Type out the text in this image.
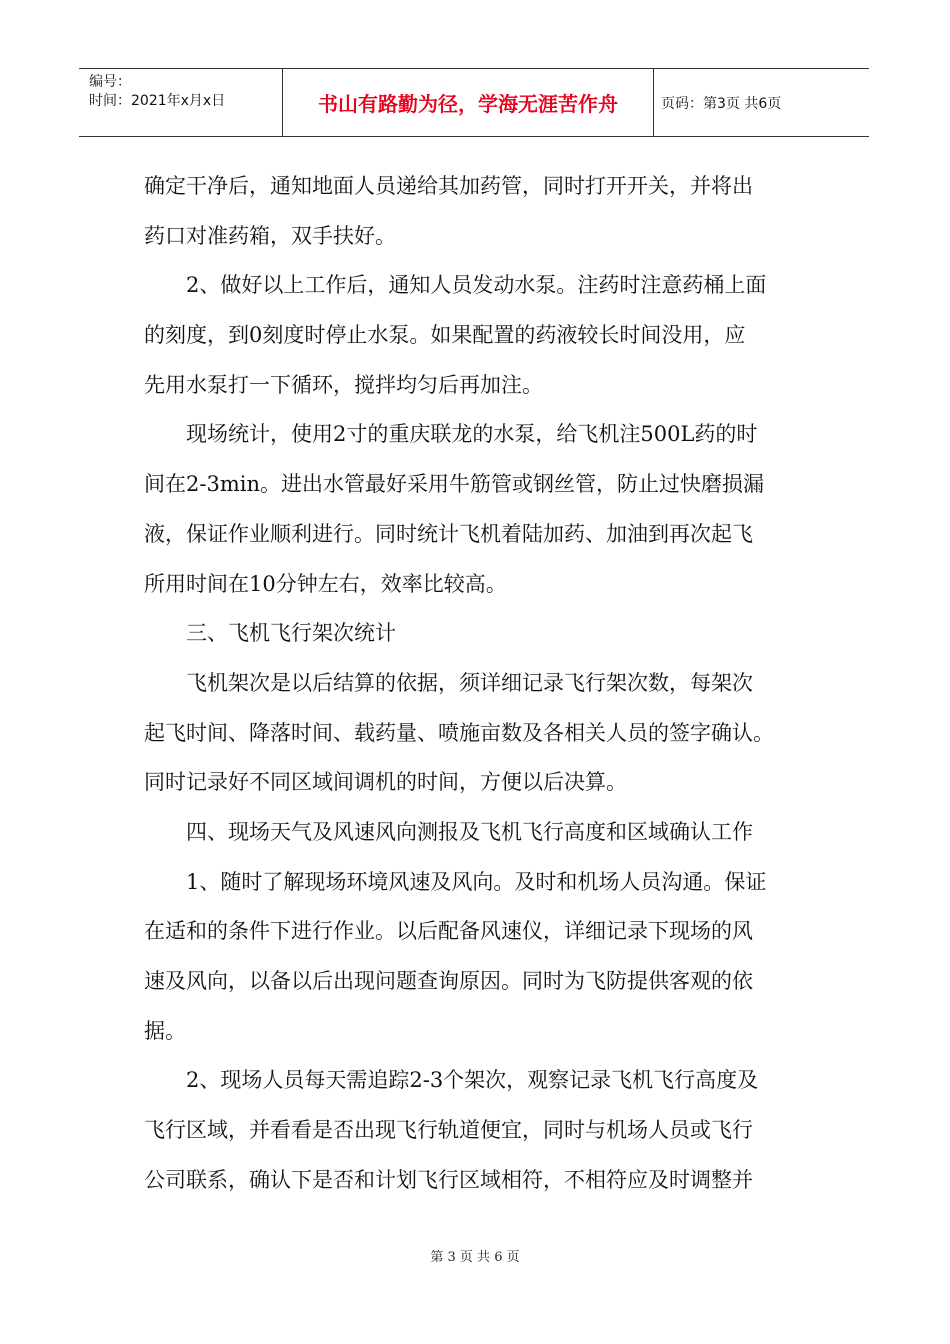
编号：
时间：2021年x月x日	书山有路勤为径，学海无涯苦作舟	页码：第3页 共6页
确定干净后，通知地面人员递给其加药管，同时打开开关，并将出
药口对准药箱，双手扶好。
　　2、做好以上工作后，通知人员发动水泵。注药时注意药桶上面
的刻度，到0刻度时停止水泵。如果配置的药液较长时间没用，应
先用水泵打一下循环，搅拌均匀后再加注。
　　现场统计，使用2寸的重庆联龙的水泵，给飞机注500L药的时
间在2-3min。进出水管最好采用牛筋管或钢丝管，防止过快磨损漏
液，保证作业顺利进行。同时统计飞机着陆加药、加油到再次起飞
所用时间在10分钟左右，效率比较高。
　　三、飞机飞行架次统计
　　飞机架次是以后结算的依据，须详细记录飞行架次数，每架次
起飞时间、降落时间、载药量、喷施亩数及各相关人员的签字确认。
同时记录好不同区域间调机的时间，方便以后决算。
　　四、现场天气及风速风向测报及飞机飞行高度和区域确认工作
　　1、随时了解现场环境风速及风向。及时和机场人员沟通。保证
在适和的条件下进行作业。以后配备风速仪，详细记录下现场的风
速及风向，以备以后出现问题查询原因。同时为飞防提供客观的依
据。
　　2、现场人员每天需追踪2-3个架次，观察记录飞机飞行高度及
飞行区域，并看看是否出现飞行轨道便宜，同时与机场人员或飞行
公司联系，确认下是否和计划飞行区域相符，不相符应及时调整并
第 3 页 共 6 页
